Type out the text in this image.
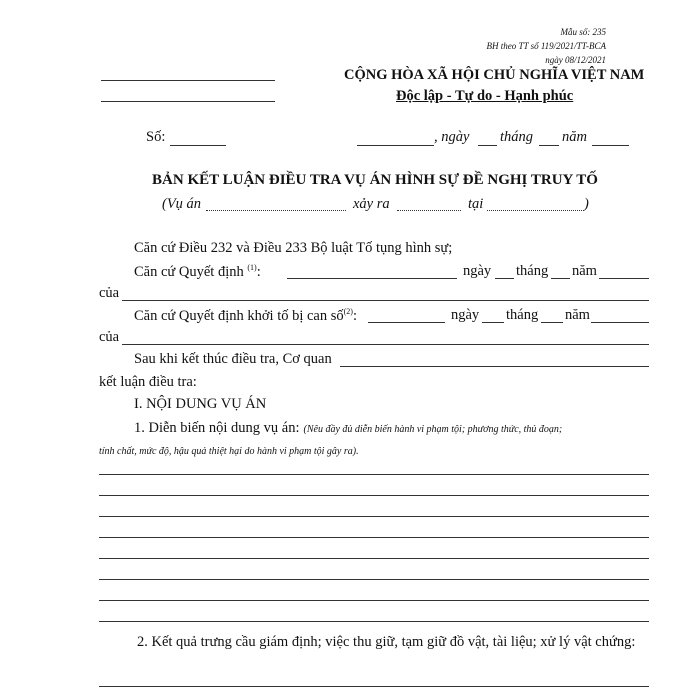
Mẫu số: 235
BH theo TT số 119/2021/TT-BCA
ngày 08/12/2021
CỘNG HÒA XÃ HỘI CHỦ NGHĨA VIỆT NAM
Độc lập - Tự do - Hạnh phúc
Số:	, ngày tháng năm
BẢN KẾT LUẬN ĐIỀU TRA VỤ ÁN HÌNH SỰ ĐỀ NGHỊ TRUY TỐ
(Vụ án	xảy ra	tại	)
Căn cứ Điều 232 và Điều 233 Bộ luật Tố tụng hình sự;
Căn cứ Quyết định $^{(1)}$:	ngày tháng năm
của
Căn cứ Quyết định khởi tố bị can số$^{(2)}$:	ngày tháng năm
của
Sau khi kết thúc điều tra, Cơ quan
kết luận điều tra:
I. NỘI DUNG VỤ ÁN
1. Diễn biến nội dung vụ án: (Nêu đầy đủ diễn biến hành vi phạm tội; phương thức, thủ đoạn;
tính chất, mức độ, hậu quả thiệt hại do hành vi phạm tội gây ra).
2. Kết quả trưng cầu giám định; việc thu giữ, tạm giữ đồ vật, tài liệu; xử lý vật chứng:
